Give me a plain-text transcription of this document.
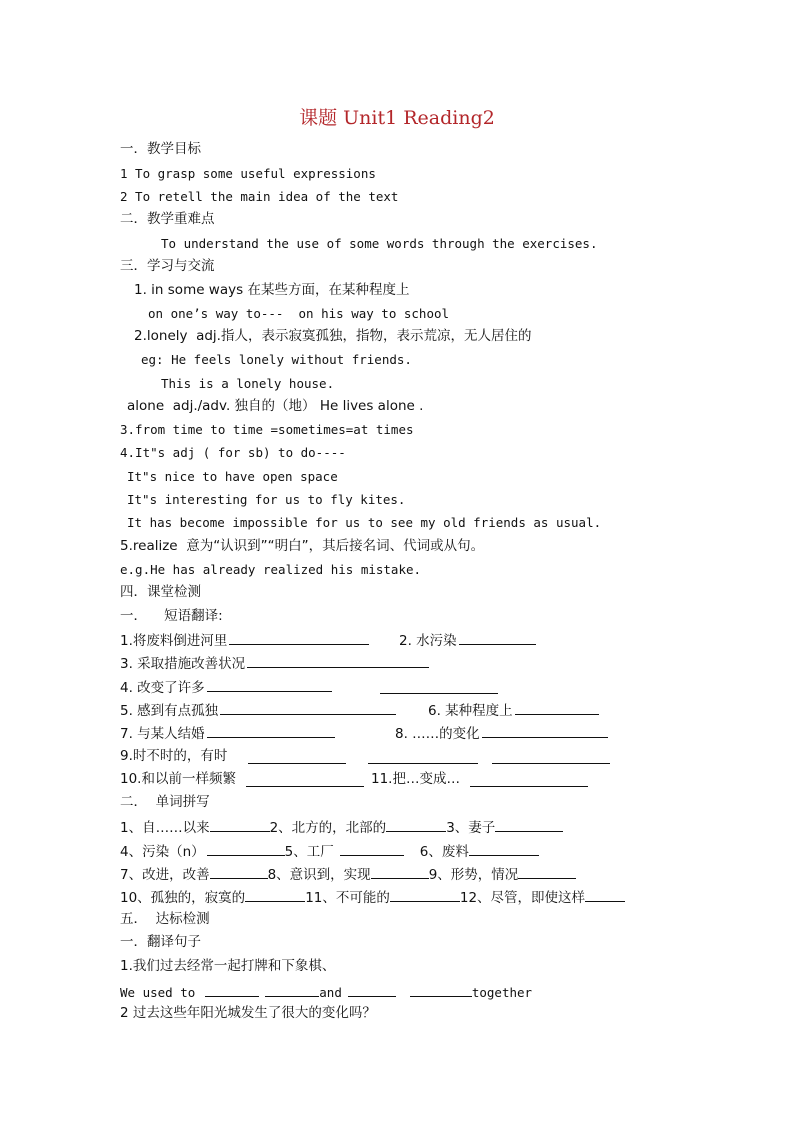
课题 Unit1 Reading2
一．教学目标
1 To grasp some useful expressions
2 To retell the main idea of the text
二．教学重难点
To understand the use of some words through the exercises.
三．学习与交流
1. in some ways 在某些方面，在某种程度上
on one’s way to---  on his way to school
2.lonely  adj.指人，表示寂寞孤独，指物，表示荒凉，无人居住的
eg: He feels lonely without friends.
This is a lonely house.
alone  adj./adv. 独自的（地） He lives alone .
3.from time to time =sometimes=at times
4.It"s adj ( for sb) to do----
It"s nice to have open space
It"s interesting for us to fly kites.
It has become impossible for us to see my old friends as usual.
5.realize  意为“认识到”“明白”，其后接名词、代词或从句。
e.g.He has already realized his mistake.
四．课堂检测
一．    短语翻译:
1.将废料倒进河里	2. 水污染
3. 采取措施改善状况
4. 改变了许多
5. 感到有点孤独	6. 某种程度上
7. 与某人结婚	8. ……的变化
9.时不时的，有时
10.和以前一样频繁	11.把…变成…
二．  单词拼写
1、自……以来	2、北方的，北部的	3、妻子
4、污染（n）	5、工厂	6、废料
7、改进，改善	8、意识到，实现	9、形势，情况
10、孤独的，寂寞的	11、不可能的	12、尽管，即使这样
五．  达标检测
一．翻译句子
1.我们过去经常一起打牌和下象棋、
We used to	and	together
2 过去这些年阳光城发生了很大的变化吗？
